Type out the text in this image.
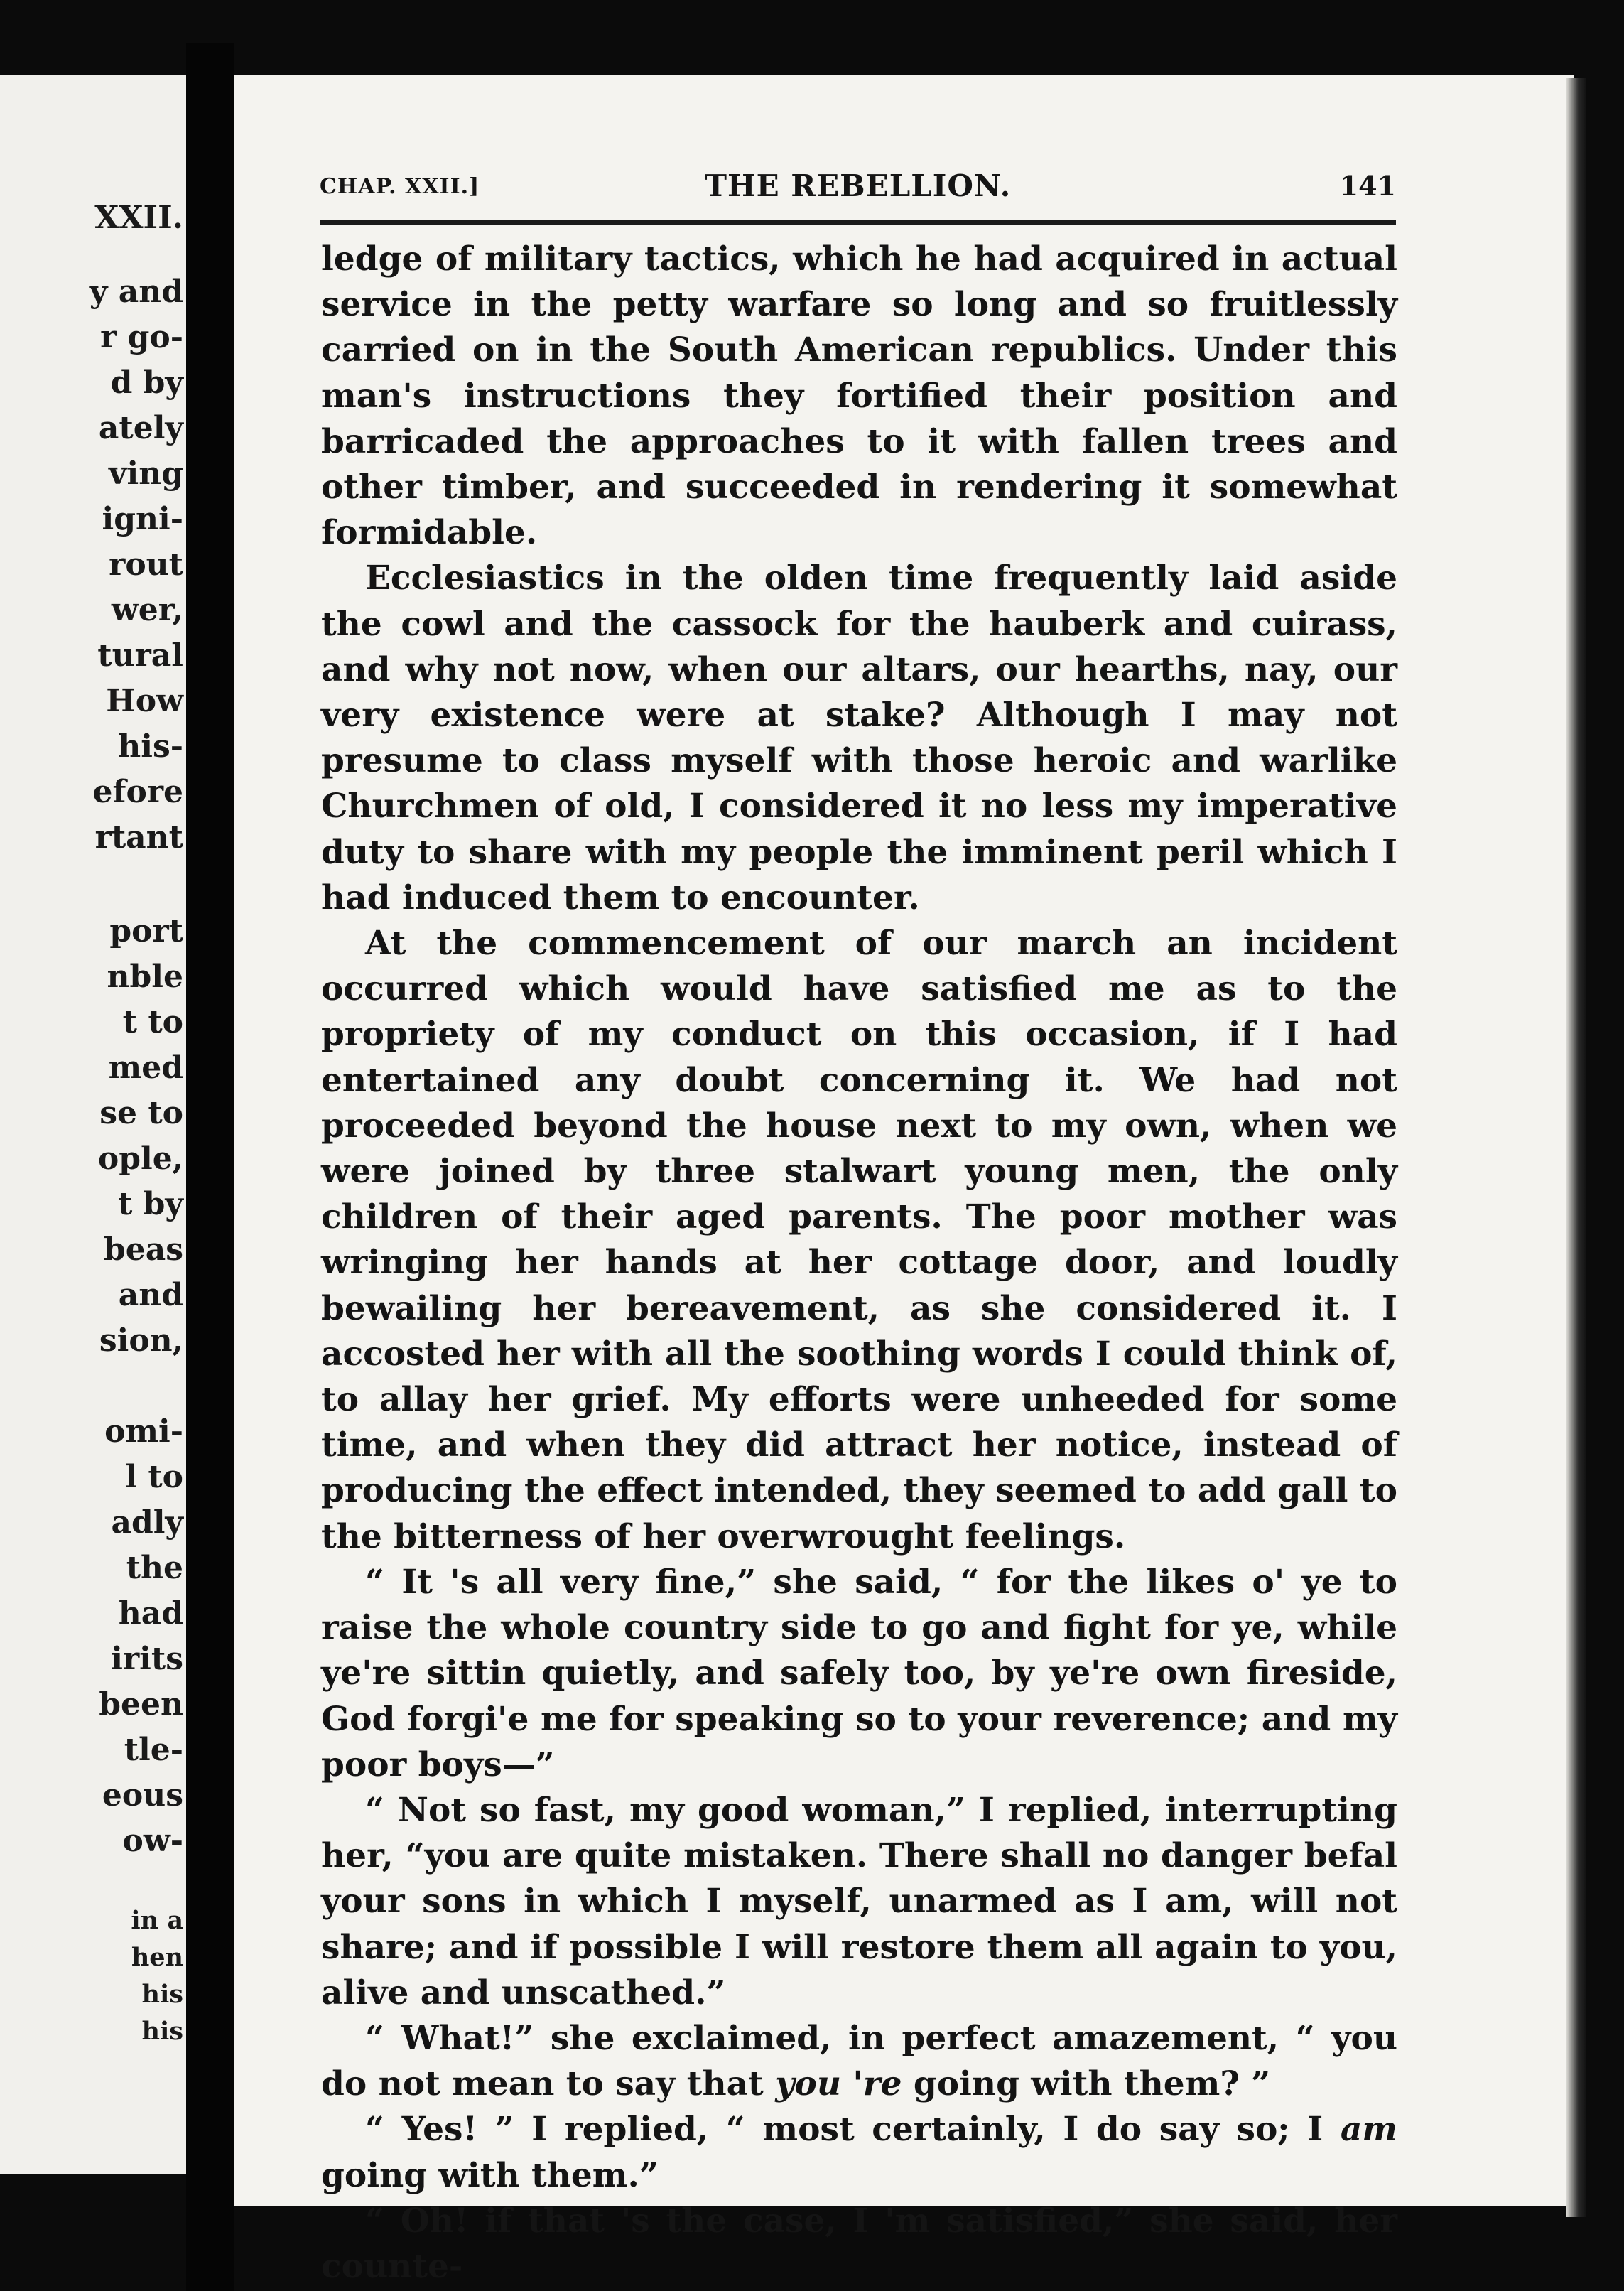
XXII.
y and
r go-
d by
ately
ving
igni-
rout
wer,
tural
How
his-
efore
rtant
port
nble
t to
med
se to
ople,
t by
beas
and
sion,
omi-
l to
adly
the
had
irits
been
tle-
eous
ow-
in a
hen
his
his
CHAP. XXII.]	THE REBELLION.	141

ledge of military tactics, which he had acquired in actual service in the petty warfare so long and so fruitlessly carried on in the South American republics. Under this man's instructions they fortified their position and barricaded the approaches to it with fallen trees and other timber, and succeeded in rendering it somewhat formidable.

Ecclesiastics in the olden time frequently laid aside the cowl and the cassock for the hauberk and cuirass, and why not now, when our altars, our hearths, nay, our very existence were at stake? Although I may not presume to class myself with those heroic and warlike Churchmen of old, I considered it no less my imperative duty to share with my people the imminent peril which I had induced them to encounter.

At the commencement of our march an incident occurred which would have satisfied me as to the propriety of my conduct on this occasion, if I had entertained any doubt concerning it. We had not proceeded beyond the house next to my own, when we were joined by three stalwart young men, the only children of their aged parents. The poor mother was wringing her hands at her cottage door, and loudly bewailing her bereavement, as she considered it. I accosted her with all the soothing words I could think of, to allay her grief. My efforts were unheeded for some time, and when they did attract her notice, instead of producing the effect intended, they seemed to add gall to the bitterness of her overwrought feelings.

“ It 's all very fine,” she said, “ for the likes o' ye to raise the whole country side to go and fight for ye, while ye're sittin quietly, and safely too, by ye're own fireside, God forgi'e me for speaking so to your reverence; and my poor boys—”

“ Not so fast, my good woman,” I replied, interrupting her, “you are quite mistaken. There shall no danger befal your sons in which I myself, unarmed as I am, will not share; and if possible I will restore them all again to you, alive and unscathed.”

“ What!” she exclaimed, in perfect amazement, “ you do not mean to say that you 're going with them? ”

“ Yes! ” I replied, “ most certainly, I do say so; I am going with them.”

“ Oh! if that 's the case, I 'm satisfied,” she said, her counte-
